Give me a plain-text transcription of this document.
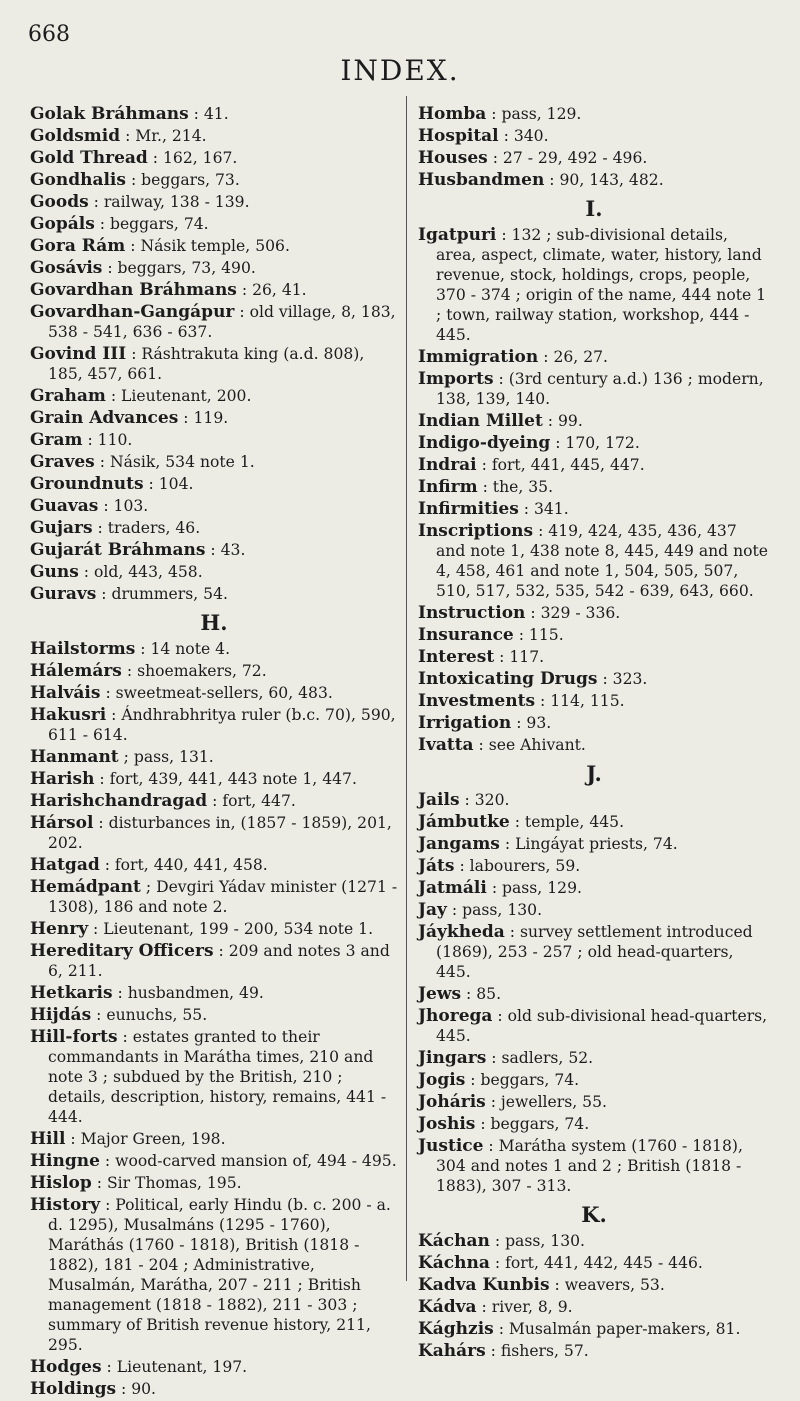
668
INDEX.
Golak Bráhmans : 41.
Goldsmid : Mr., 214.
Gold Thread : 162, 167.
Gondhalis : beggars, 73.
Goods : railway, 138 - 139.
Gopáls : beggars, 74.
Gora Rám : Násik temple, 506.
Gosávis : beggars, 73, 490.
Govardhan Bráhmans : 26, 41.
Govardhan-Gangápur : old village, 8, 183, 538 - 541, 636 - 637.
Govind III : Ráshtrakuta king (a.d. 808), 185, 457, 661.
Graham : Lieutenant, 200.
Grain Advances : 119.
Gram : 110.
Graves : Násik, 534 note 1.
Groundnuts : 104.
Guavas : 103.
Gujars : traders, 46.
Gujarát Bráhmans : 43.
Guns : old, 443, 458.
Guravs : drummers, 54.
H.
Hailstorms : 14 note 4.
Hálemárs : shoemakers, 72.
Halváis : sweetmeat-sellers, 60, 483.
Hakusri : Ándhrabhritya ruler (b.c. 70), 590, 611 - 614.
Hanmant ; pass, 131.
Harish : fort, 439, 441, 443 note 1, 447.
Harishchandragad : fort, 447.
Hársol : disturbances in, (1857 - 1859), 201, 202.
Hatgad : fort, 440, 441, 458.
Hemádpant ; Devgiri Yádav minister (1271 - 1308), 186 and note 2.
Henry : Lieutenant, 199 - 200, 534 note 1.
Hereditary Officers : 209 and notes 3 and 6, 211.
Hetkaris : husbandmen, 49.
Hijdás : eunuchs, 55.
Hill-forts : estates granted to their commandants in Marátha times, 210 and note 3 ; subdued by the British, 210 ; details, description, history, remains, 441 - 444.
Hill : Major Green, 198.
Hingne : wood-carved mansion of, 494 - 495.
Hislop : Sir Thomas, 195.
History : Political, early Hindu (b. c. 200 - a. d. 1295), Musalmáns (1295 - 1760), Maráthás (1760 - 1818), British (1818 - 1882), 181 - 204 ; Administrative, Musalmán, Marátha, 207 - 211 ; British management (1818 - 1882), 211 - 303 ; summary of British revenue history, 211, 295.
Hodges : Lieutenant, 197.
Holdings : 90.
Homba : pass, 129.
Hospital : 340.
Houses : 27 - 29, 492 - 496.
Husbandmen : 90, 143, 482.
I.
Igatpuri : 132 ; sub-divisional details, area, aspect, climate, water, history, land revenue, stock, holdings, crops, people, 370 - 374 ; origin of the name, 444 note 1 ; town, railway station, workshop, 444 - 445.
Immigration : 26, 27.
Imports : (3rd century a.d.) 136 ; modern, 138, 139, 140.
Indian Millet : 99.
Indigo-dyeing : 170, 172.
Indrai : fort, 441, 445, 447.
Infirm : the, 35.
Infirmities : 341.
Inscriptions : 419, 424, 435, 436, 437 and note 1, 438 note 8, 445, 449 and note 4, 458, 461 and note 1, 504, 505, 507, 510, 517, 532, 535, 542 - 639, 643, 660.
Instruction : 329 - 336.
Insurance : 115.
Interest : 117.
Intoxicating Drugs : 323.
Investments : 114, 115.
Irrigation : 93.
Ivatta : see Ahivant.
J.
Jails : 320.
Jámbutke : temple, 445.
Jangams : Lingáyat priests, 74.
Játs : labourers, 59.
Jatmáli : pass, 129.
Jay : pass, 130.
Jáykheda : survey settlement introduced (1869), 253 - 257 ; old head-quarters, 445.
Jews : 85.
Jhorega : old sub-divisional head-quarters, 445.
Jingars : sadlers, 52.
Jogis : beggars, 74.
Joháris : jewellers, 55.
Joshis : beggars, 74.
Justice : Marátha system (1760 - 1818), 304 and notes 1 and 2 ; British (1818 - 1883), 307 - 313.
K.
Káchan : pass, 130.
Káchna : fort, 441, 442, 445 - 446.
Kadva Kunbis : weavers, 53.
Kádva : river, 8, 9.
Kághzis : Musalmán paper-makers, 81.
Kahárs : fishers, 57.
